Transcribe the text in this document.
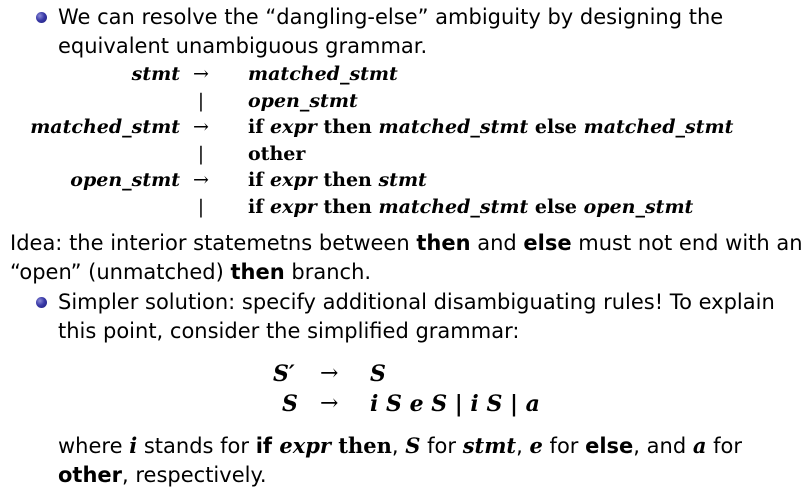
We can resolve the “dangling-else” ambiguity by designing the
equivalent unambiguous grammar.
stmt → matched_stmt
|	open_stmt
matched_stmt → if expr then matched_stmt else matched_stmt
|	other
open_stmt → if expr then stmt
|	if expr then matched_stmt else open_stmt
Idea: the interior statemetns between then and else must not end with an
“open” (unmatched) then branch.
Simpler solution: specify additional disambiguating rules! To explain
this point, consider the simplified grammar:
S′ → S
S → i S e S | i S | a
where i stands for if expr then, S for stmt, e for else, and a for
other, respectively.
